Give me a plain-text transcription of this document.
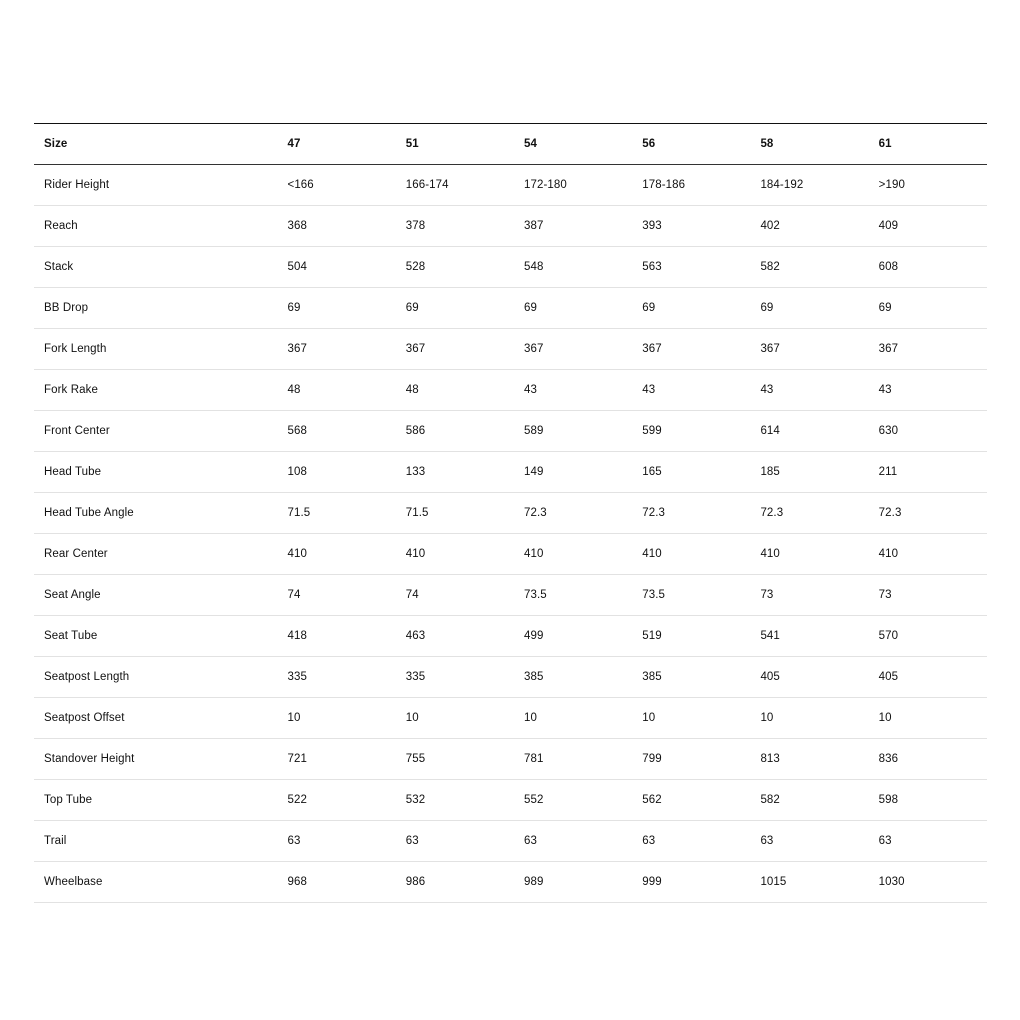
Size	47	51	54	56	58	61
Rider Height	<166	166-174	172-180	178-186	184-192	>190
Reach	368	378	387	393	402	409
Stack	504	528	548	563	582	608
BB Drop	69	69	69	69	69	69
Fork Length	367	367	367	367	367	367
Fork Rake	48	48	43	43	43	43
Front Center	568	586	589	599	614	630
Head Tube	108	133	149	165	185	211
Head Tube Angle	71.5	71.5	72.3	72.3	72.3	72.3
Rear Center	410	410	410	410	410	410
Seat Angle	74	74	73.5	73.5	73	73
Seat Tube	418	463	499	519	541	570
Seatpost Length	335	335	385	385	405	405
Seatpost Offset	10	10	10	10	10	10
Standover Height	721	755	781	799	813	836
Top Tube	522	532	552	562	582	598
Trail	63	63	63	63	63	63
Wheelbase	968	986	989	999	1015	1030
